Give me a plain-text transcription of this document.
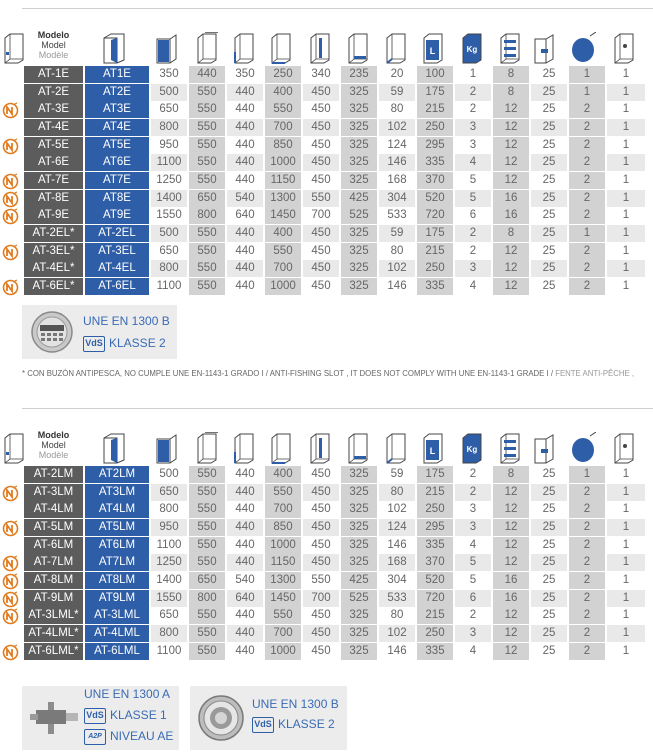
Modelo
Model
Modèle	L	Kg
AT-1E	AT1E	350	440	350	250	340	235	20	100	1	8	25	1	1
AT-2E	AT2E	500	550	440	400	450	325	59	175	2	8	25	1	1
AT-3E	AT3E	650	550	440	550	450	325	80	215	2	12	25	2	1
AT-4E	AT4E	800	550	440	700	450	325	102	250	3	12	25	2	1
AT-5E	AT5E	950	550	440	850	450	325	124	295	3	12	25	2	1
AT-6E	AT6E	1100	550	440	1000	450	325	146	335	4	12	25	2	1
AT-7E	AT7E	1250	550	440	1150	450	325	168	370	5	12	25	2	1
AT-8E	AT8E	1400	650	540	1300	550	425	304	520	5	16	25	2	1
AT-9E	AT9E	1550	800	640	1450	700	525	533	720	6	16	25	2	1
AT-2EL*	AT-2EL	500	550	440	400	450	325	59	175	2	8	25	1	1
AT-3EL*	AT-3EL	650	550	440	550	450	325	80	215	2	12	25	2	1
AT-4EL*	AT-4EL	800	550	440	700	450	325	102	250	3	12	25	2	1
AT-6EL*	AT-6EL	1100	550	440	1000	450	325	146	335	4	12	25	2	1
UNE EN 1300 B
VdS KLASSE 2
* CON BUZÓN ANTIPESCA, NO CUMPLE UNE EN-1143-1 GRADO I / ANTI-FISHING SLOT , IT DOES NOT COMPLY WITH UNE EN-1143-1 GRADE I / FENTE ANTI-PÊCHE ,
Modelo
Model
Modèle	L	Kg
AT-2LM	AT2LM	500	550	440	400	450	325	59	175	2	8	25	1	1
AT-3LM	AT3LM	650	550	440	550	450	325	80	215	2	12	25	2	1
AT-4LM	AT4LM	800	550	440	700	450	325	102	250	3	12	25	2	1
AT-5LM	AT5LM	950	550	440	850	450	325	124	295	3	12	25	2	1
AT-6LM	AT6LM	1100	550	440	1000	450	325	146	335	4	12	25	2	1
AT-7LM	AT7LM	1250	550	440	1150	450	325	168	370	5	12	25	2	1
AT-8LM	AT8LM	1400	650	540	1300	550	425	304	520	5	16	25	2	1
AT-9LM	AT9LM	1550	800	640	1450	700	525	533	720	6	16	25	2	1
AT-3LML*	AT-3LML	650	550	440	550	450	325	80	215	2	12	25	2	1
AT-4LML*	AT-4LML	800	550	440	700	450	325	102	250	3	12	25	2	1
AT-6LML*	AT-6LML	1100	550	440	1000	450	325	146	335	4	12	25	2	1
UNE EN 1300 A
VdS KLASSE 1
A2P NIVEAU AE
UNE EN 1300 B
VdS KLASSE 2
